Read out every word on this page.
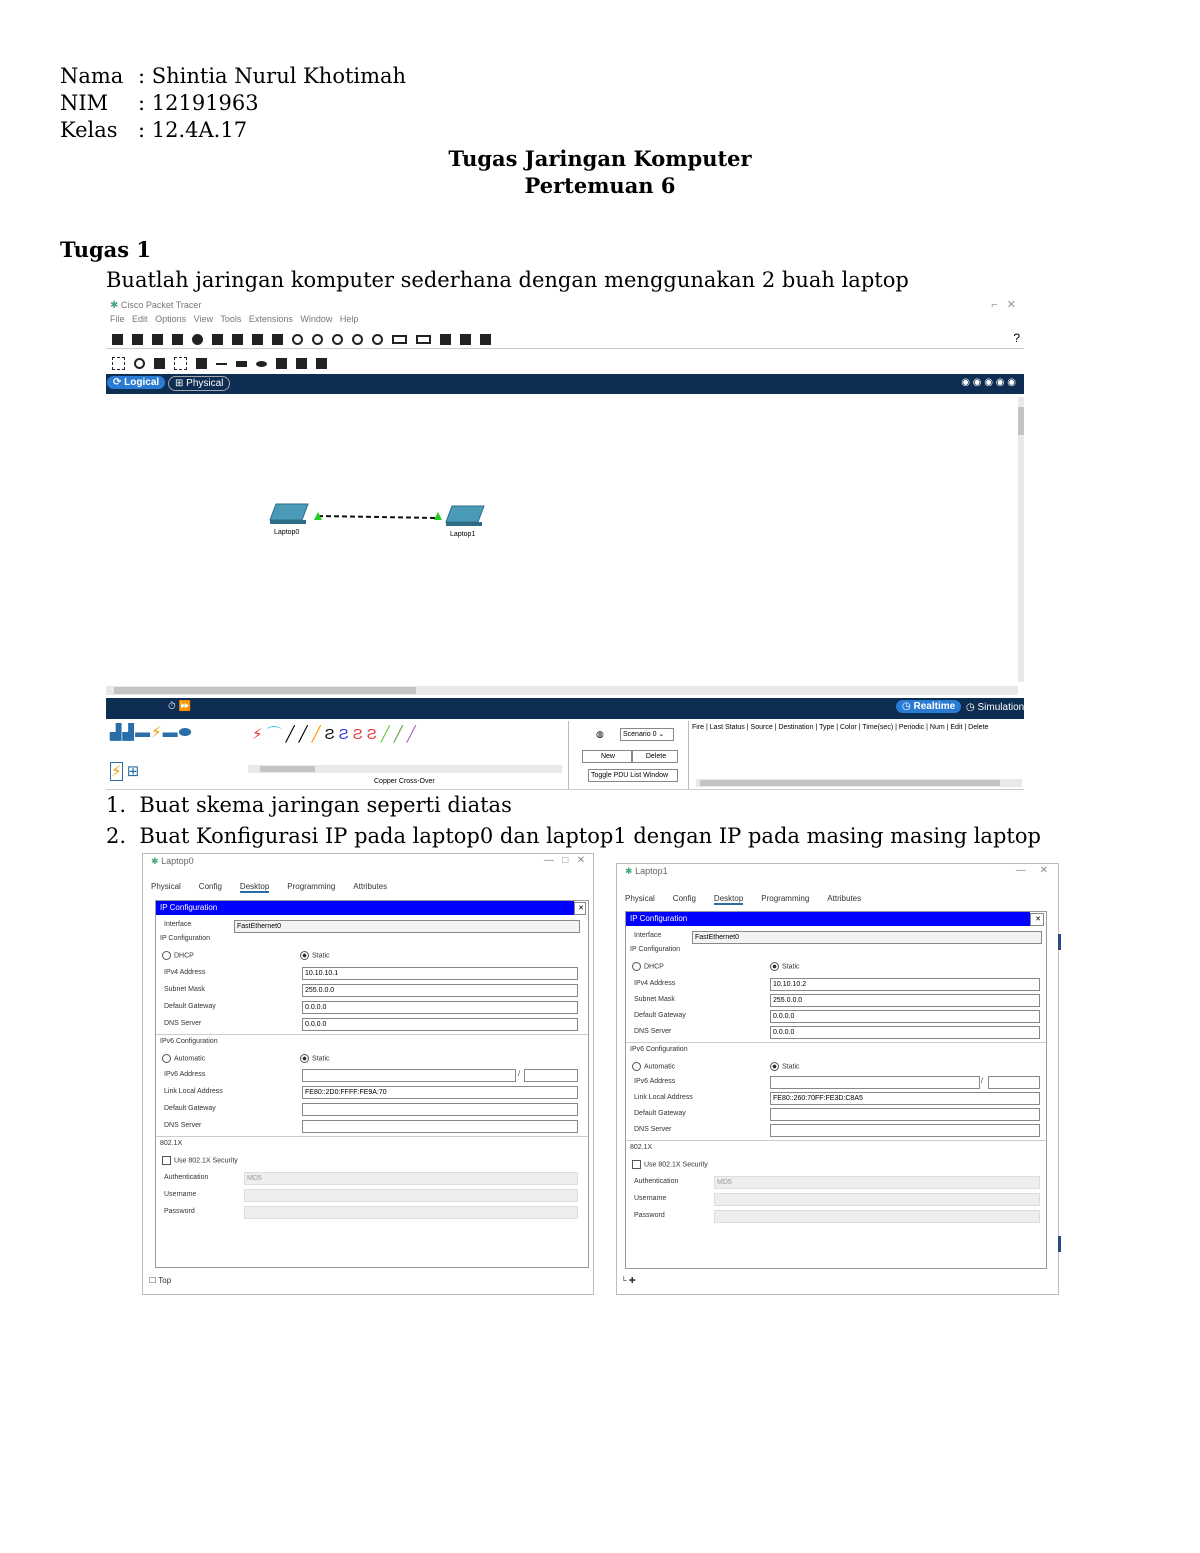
Nama : Shintia Nurul Khotimah
NIM : 12191963
Kelas : 12.4A.17
Tugas Jaringan Komputer
Pertemuan 6
Tugas 1
Buatlah jaringan komputer sederhana dengan menggunakan 2 buah laptop
✱ Cisco Packet Tracer	⌐   ✕
File Edit Options View Tools Extensions Window Help
?
⟳ Logical	⊞ Physical	◉ ◉ ◉ ◉ ◉
Laptop0	Laptop1
⏱ ⏩	◷ Realtime	◷ Simulation
▟▟▬⚡▬⬬	⚡⌒╱╱╱ƧƧƧƧ╱╱╱
⚡ ⊞
Copper Cross-Over
◍	Scenario 0 ⌄
New	Delete
Toggle PDU List Window
Fire | Last Status | Source | Destination | Type | Color | Time(sec) | Periodic | Num | Edit | Delete
1.  Buat skema jaringan seperti diatas
2.  Buat Konfigurasi IP pada laptop0 dan laptop1 dengan IP pada masing masing laptop
✱ Laptop0	—   □   ✕
Physical Config Desktop Programming Attributes
IP Configuration	✕
Interface	FastEthernet0
IP Configuration
DHCP	Static
IPv4 Address	10.10.10.1
Subnet Mask	255.0.0.0
Default Gateway	0.0.0.0
DNS Server	0.0.0.0
IPv6 Configuration
Automatic	Static
IPv6 Address	/
Link Local Address	FE80::2D0:FFFF:FE9A:70
Default Gateway
DNS Server
802.1X
Use 802.1X Security
Authentication	MD5
Username
Password
☐ Top
✱ Laptop1	—     ✕
Physical Config Desktop Programming Attributes
IP Configuration	✕
Interface	FastEthernet0
IP Configuration
DHCP	Static
IPv4 Address	10.10.10.2
Subnet Mask	255.0.0.0
Default Gateway	0.0.0.0
DNS Server	0.0.0.0
IPv6 Configuration
Automatic	Static
IPv6 Address	/
Link Local Address	FE80::260:70FF:FE3D:C8A5
Default Gateway
DNS Server
802.1X
Use 802.1X Security
Authentication	MD5
Username
Password
└ ✚
